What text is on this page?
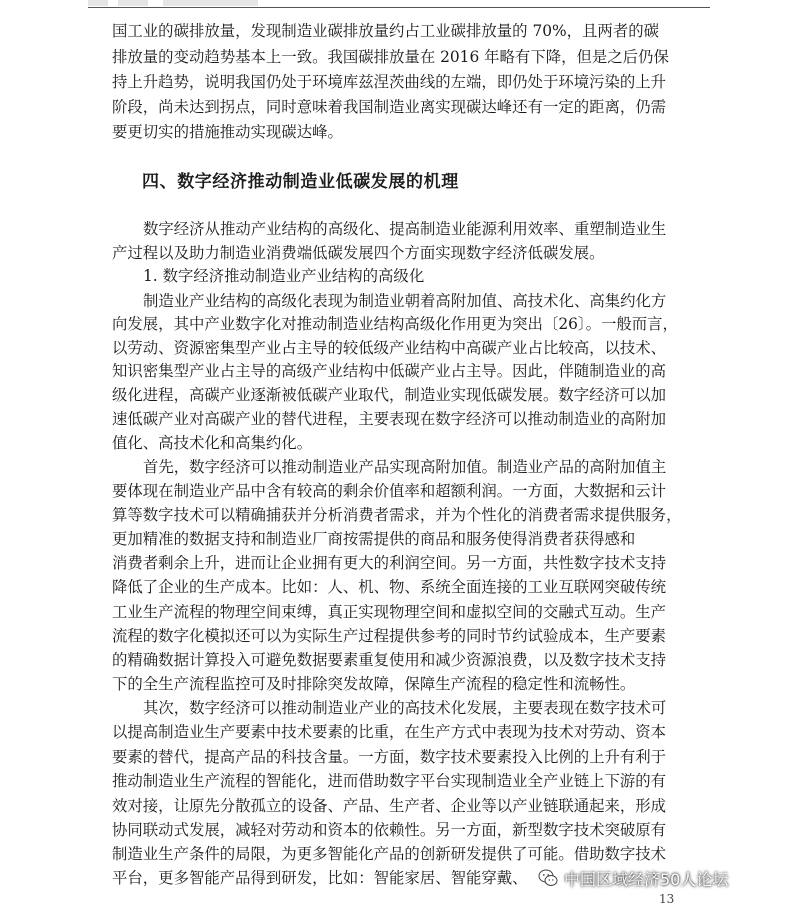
国工业的碳排放量，发现制造业碳排放量约占工业碳排放量的 70%，且两者的碳
排放量的变动趋势基本上一致。我国碳排放量在 2016 年略有下降，但是之后仍保
持上升趋势，说明我国仍处于环境库兹涅茨曲线的左端，即仍处于环境污染的上升
阶段，尚未达到拐点，同时意味着我国制造业离实现碳达峰还有一定的距离，仍需
要更切实的措施推动实现碳达峰。
四、数字经济推动制造业低碳发展的机理
数字经济从推动产业结构的高级化、提高制造业能源利用效率、重塑制造业生
产过程以及助力制造业消费端低碳发展四个方面实现数字经济低碳发展。
1. 数字经济推动制造业产业结构的高级化
制造业产业结构的高级化表现为制造业朝着高附加值、高技术化、高集约化方
向发展，其中产业数字化对推动制造业结构高级化作用更为突出〔26〕。一般而言，
以劳动、资源密集型产业占主导的较低级产业结构中高碳产业占比较高，以技术、
知识密集型产业占主导的高级产业结构中低碳产业占主导。因此，伴随制造业的高
级化进程，高碳产业逐渐被低碳产业取代，制造业实现低碳发展。数字经济可以加
速低碳产业对高碳产业的替代进程，主要表现在数字经济可以推动制造业的高附加
值化、高技术化和高集约化。
首先，数字经济可以推动制造业产品实现高附加值。制造业产品的高附加值主
要体现在制造业产品中含有较高的剩余价值率和超额利润。一方面，大数据和云计
算等数字技术可以精确捕获并分析消费者需求，并为个性化的消费者需求提供服务，
更加精准的数据支持和制造业厂商按需提供的商品和服务使得消费者获得感和
消费者剩余上升，进而让企业拥有更大的利润空间。另一方面，共性数字技术支持
降低了企业的生产成本。比如：人、机、物、系统全面连接的工业互联网突破传统
工业生产流程的物理空间束缚，真正实现物理空间和虚拟空间的交融式互动。生产
流程的数字化模拟还可以为实际生产过程提供参考的同时节约试验成本，生产要素
的精确数据计算投入可避免数据要素重复使用和减少资源浪费，以及数字技术支持
下的全生产流程监控可及时排除突发故障，保障生产流程的稳定性和流畅性。
其次，数字经济可以推动制造业产业的高技术化发展，主要表现在数字技术可
以提高制造业生产要素中技术要素的比重，在生产方式中表现为技术对劳动、资本
要素的替代，提高产品的科技含量。一方面，数字技术要素投入比例的上升有利于
推动制造业生产流程的智能化，进而借助数字平台实现制造业全产业链上下游的有
效对接，让原先分散孤立的设备、产品、生产者、企业等以产业链联通起来，形成
协同联动式发展，减轻对劳动和资本的依赖性。另一方面，新型数字技术突破原有
制造业生产条件的局限，为更多智能化产品的创新研发提供了可能。借助数字技术
平台，更多智能产品得到研发，比如：智能家居、智能穿戴、	中国区域经济50人论坛
13
